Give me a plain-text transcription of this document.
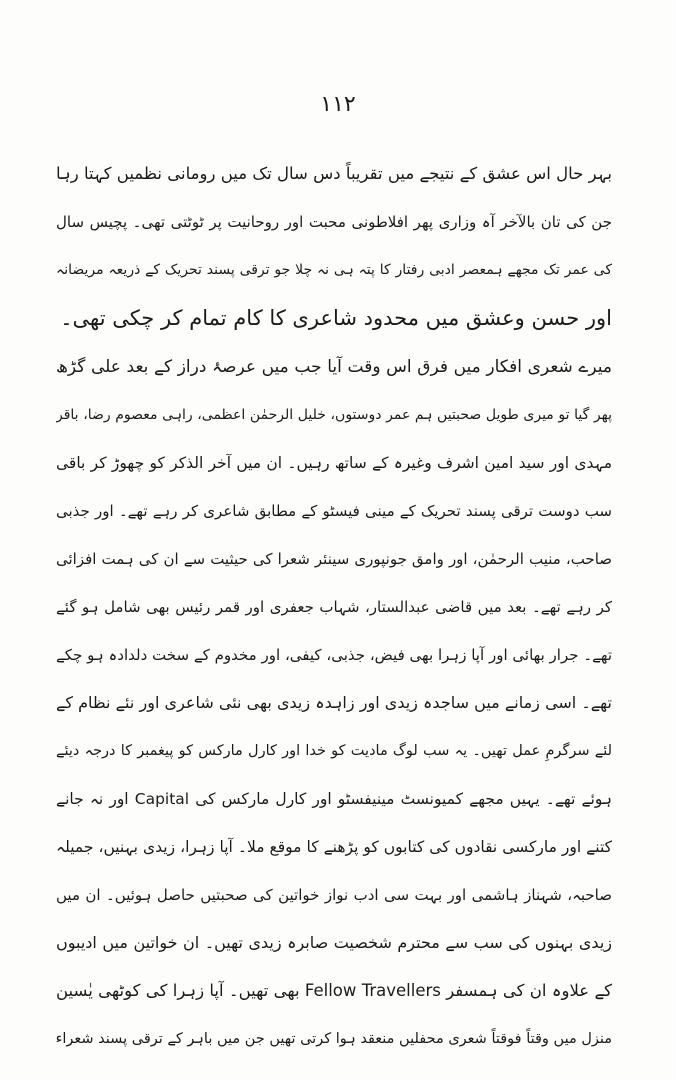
۱۱۲
بہر حال اس عشق کے نتیجے میں تقریباً دس سال تک میں رومانی نظمیں کہتا رہا
جن کی تان بالآخر آہ وزاری پھر افلاطونی محبت اور روحانیت پر ٹوٹتی تھی۔ پچیس سال
کی عمر تک مجھے ہمعصر ادبی رفتار کا پتہ ہی نہ چلا جو ترقی پسند تحریک کے ذریعہ مریضانہ
اور حسن وعشق میں محدود شاعری کا کام تمام کر چکی تھی۔
میرے شعری افکار میں فرق اس وقت آیا جب میں عرصۂ دراز کے بعد علی گڑھ
پھر گیا تو میری طویل صحبتیں ہم عمر دوستوں، خلیل الرحمٰن اعظمی، راہی معصوم رضا، باقر
مہدی اور سید امین اشرف وغیرہ کے ساتھ رہیں۔ ان میں آخر الذکر کو چھوڑ کر باقی
سب دوست ترقی پسند تحریک کے مینی فیسٹو کے مطابق شاعری کر رہے تھے۔ اور جذبی
صاحب، منیب الرحمٰن، اور وامق جونپوری سینئر شعرا کی حیثیت سے ان کی ہمت افزائی
کر رہے تھے۔ بعد میں قاضی عبدالستار، شہاب جعفری اور قمر رئیس بھی شامل ہو گئے
تھے۔ جرار بھائی اور آپا زہرا بھی فیض، جذبی، کیفی، اور مخدوم کے سخت دلدادہ ہو چکے
تھے۔ اسی زمانے میں ساجدہ زیدی اور زاہدہ زیدی بھی نئی شاعری اور نئے نظام کے
لئے سرگرمِ عمل تھیں۔ یہ سب لوگ مادیت کو خدا اور کارل مارکس کو پیغمبر کا درجہ دیئے
ہوئے تھے۔ یہیں مجھے کمیونسٹ مینیفسٹو اور کارل مارکس کی Capital اور نہ جانے
کتنے اور مارکسی نقادوں کی کتابوں کو پڑھنے کا موقع ملا۔ آپا زہرا، زیدی بہنیں، جمیلہ
صاحبہ، شہناز ہاشمی اور بہت سی ادب نواز خواتین کی صحبتیں حاصل ہوئیں۔ ان میں
زیدی بہنوں کی سب سے محترم شخصیت صابرہ زیدی تھیں۔ ان خواتین میں ادیبوں
کے علاوہ ان کی ہمسفر Fellow Travellers بھی تھیں۔ آپا زہرا کی کوٹھی یٰسین
منزل میں وقتاً فوقتاً شعری محفلیں منعقد ہوا کرتی تھیں جن میں باہر کے ترقی پسند شعراء
